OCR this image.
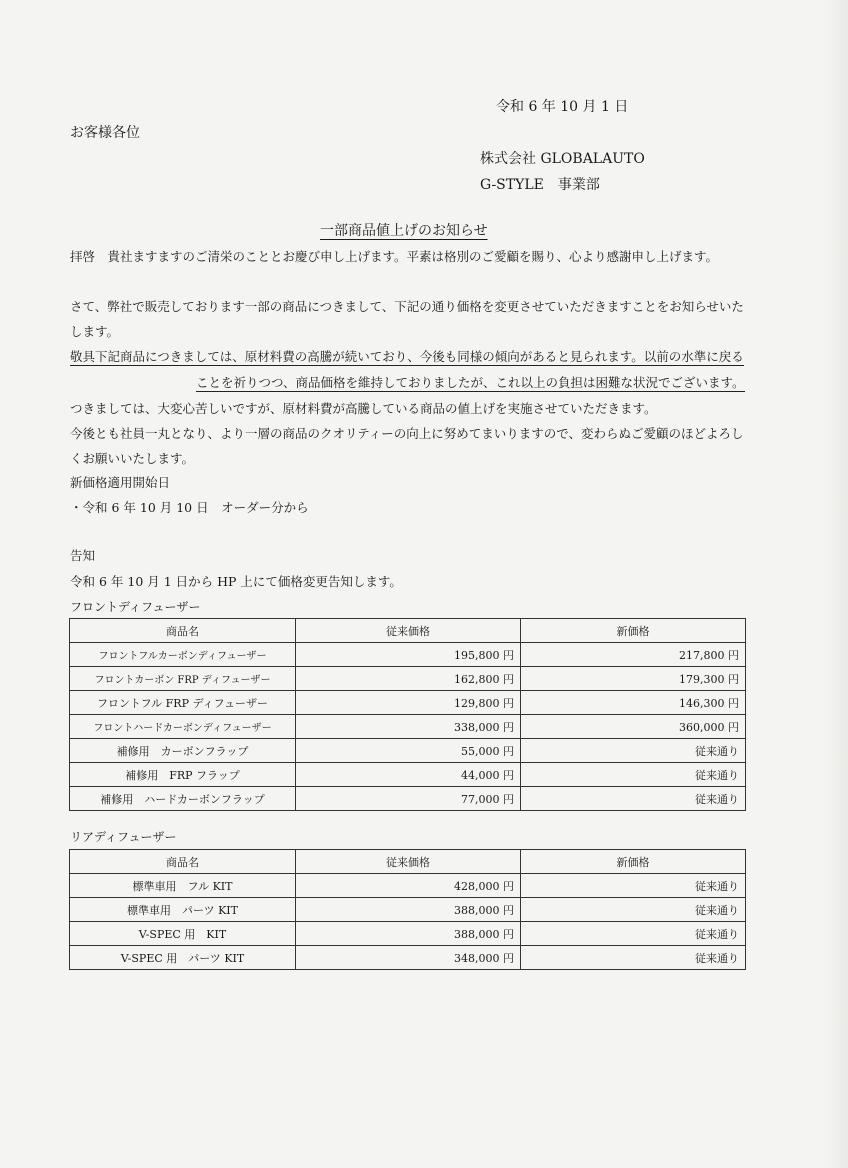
令和 6 年 10 月 1 日
お客様各位
株式会社 GLOBALAUTO
G-STYLE　事業部
一部商品値上げのお知らせ
拝啓　貴社ますますのご清栄のこととお慶び申し上げます。平素は格別のご愛顧を賜り、心より感謝申し上げます。
さて、弊社で販売しております一部の商品につきまして、下記の通り価格を変更させていただきますことをお知らせいた
します。
敬具下記商品につきましては、原材料費の高騰が続いており、今後も同様の傾向があると見られます。以前の水準に戻る
ことを祈りつつ、商品価格を維持しておりましたが、これ以上の負担は困難な状況でございます。
つきましては、大変心苦しいですが、原材料費が高騰している商品の値上げを実施させていただきます。
今後とも社員一丸となり、より一層の商品のクオリティーの向上に努めてまいりますので、変わらぬご愛顧のほどよろし
くお願いいたします。
新価格適用開始日
・令和 6 年 10 月 10 日　オーダー分から
告知
令和 6 年 10 月 1 日から HP 上にて価格変更告知します。
フロントディフューザー
商品名	従来価格	新価格
フロントフルカーボンディフューザー	195,800 円	217,800 円
フロントカーボン FRP ディフューザー	162,800 円	179,300 円
フロントフル FRP ディフューザー	129,800 円	146,300 円
フロントハードカーボンディフューザー	338,000 円	360,000 円
補修用　カーボンフラップ	55,000 円	従来通り
補修用　FRP フラップ	44,000 円	従来通り
補修用　ハードカーボンフラップ	77,000 円	従来通り
リアディフューザー
商品名	従来価格	新価格
標準車用　フル KIT	428,000 円	従来通り
標準車用　パーツ KIT	388,000 円	従来通り
V-SPEC 用　KIT	388,000 円	従来通り
V-SPEC 用　パーツ KIT	348,000 円	従来通り
